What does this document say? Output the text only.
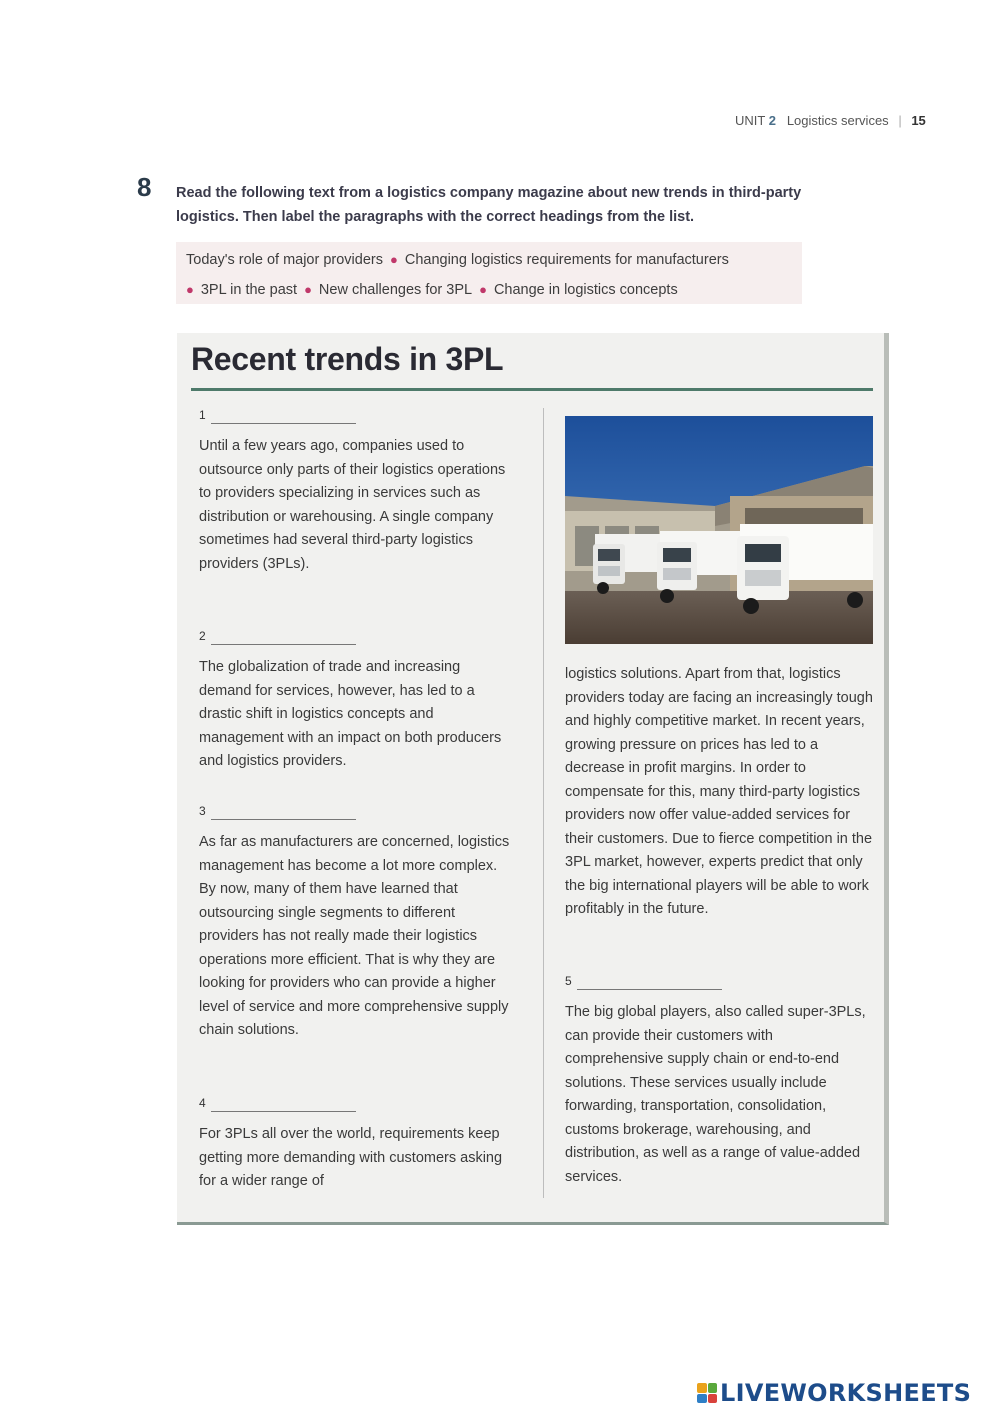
UNIT 2 Logistics services | 15
8 Read the following text from a logistics company magazine about new trends in third-party logistics. Then label the paragraphs with the correct headings from the list.
Today's role of major providers ● Changing logistics requirements for manufacturers
● 3PL in the past ● New challenges for 3PL ● Change in logistics concepts
Recent trends in 3PL
1
Until a few years ago, companies used to outsource only parts of their logistics operations to providers specializing in services such as distribution or warehousing. A single company sometimes had several third-party logistics providers (3PLs).
2
The globalization of trade and increasing demand for services, however, has led to a drastic shift in logistics concepts and management with an impact on both producers and logistics providers.
3
As far as manufacturers are concerned, logistics management has become a lot more complex. By now, many of them have learned that outsourcing single segments to different providers has not really made their logistics operations more efficient. That is why they are looking for providers who can provide a higher level of service and more comprehensive supply chain solutions.
4
For 3PLs all over the world, requirements keep getting more demanding with customers asking for a wider range of
logistics solutions. Apart from that, logistics providers today are facing an increasingly tough and highly competitive market. In recent years, growing pressure on prices has led to a decrease in profit margins. In order to compensate for this, many third-party logistics providers now offer value-added services for their customers. Due to fierce competition in the 3PL market, however, experts predict that only the big international players will be able to work profitably in the future.
5
The big global players, also called super-3PLs, can provide their customers with comprehensive supply chain or end-to-end solutions. These services usually include forwarding, transportation, consolidation, customs brokerage, warehousing, and distribution, as well as a range of value-added services.
LIVEWORKSHEETS
